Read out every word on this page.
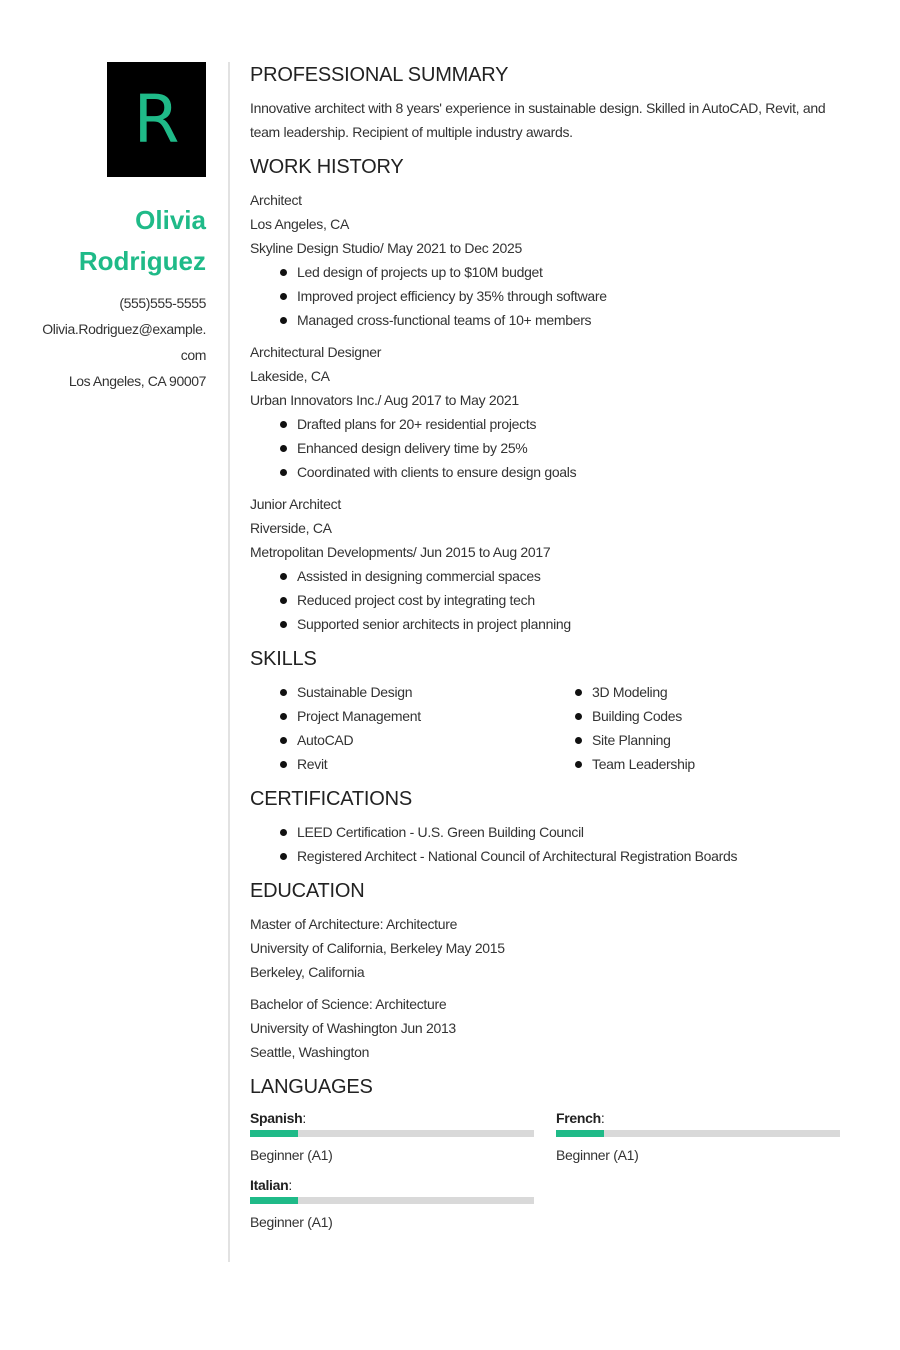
R
Olivia
Rodriguez
(555)555-5555
Olivia.Rodriguez@example.com
Los Angeles, CA 90007
PROFESSIONAL SUMMARY

Innovative architect with 8 years' experience in sustainable design. Skilled in AutoCAD, Revit, and team leadership. Recipient of multiple industry awards.

WORK HISTORY
Architect
Los Angeles, CA
Skyline Design Studio/ May 2021 to Dec 2025
Led design of projects up to $10M budget
Improved project efficiency by 35% through software
Managed cross-functional teams of 10+ members
Architectural Designer
Lakeside, CA
Urban Innovators Inc./ Aug 2017 to May 2021
Drafted plans for 20+ residential projects
Enhanced design delivery time by 25%
Coordinated with clients to ensure design goals
Junior Architect
Riverside, CA
Metropolitan Developments/ Jun 2015 to Aug 2017
Assisted in designing commercial spaces
Reduced project cost by integrating tech
Supported senior architects in project planning
SKILLS
Sustainable Design
Project Management
AutoCAD
Revit
3D Modeling
Building Codes
Site Planning
Team Leadership
CERTIFICATIONS
LEED Certification - U.S. Green Building Council
Registered Architect - National Council of Architectural Registration Boards
EDUCATION
Master of Architecture: Architecture
University of California, Berkeley May 2015
Berkeley, California
Bachelor of Science: Architecture
University of Washington Jun 2013
Seattle, Washington
LANGUAGES
Spanish:
Beginner (A1)
French:
Beginner (A1)
Italian:
Beginner (A1)
